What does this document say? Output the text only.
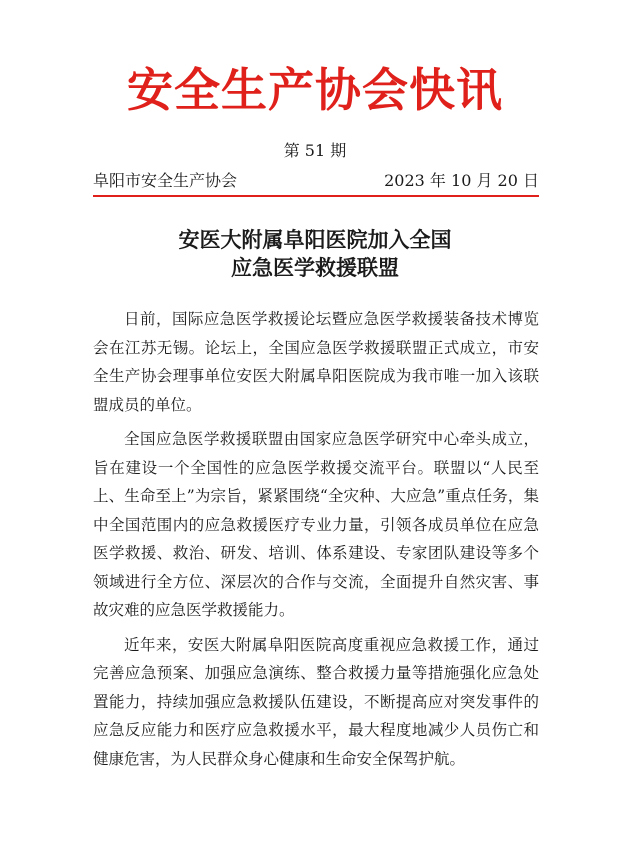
安全生产协会快讯
第 51 期
阜阳市安全生产协会	2023 年 10 月 20 日
安医大附属阜阳医院加入全国
应急医学救援联盟

日前，国际应急医学救援论坛暨应急医学救援装备技术博览会在江苏无锡。论坛上，全国应急医学救援联盟正式成立，市安全生产协会理事单位安医大附属阜阳医院成为我市唯一加入该联盟成员的单位。

全国应急医学救援联盟由国家应急医学研究中心牵头成立，旨在建设一个全国性的应急医学救援交流平台。联盟以“人民至上、生命至上”为宗旨，紧紧围绕“全灾种、大应急”重点任务，集中全国范围内的应急救援医疗专业力量，引领各成员单位在应急医学救援、救治、研发、培训、体系建设、专家团队建设等多个领域进行全方位、深层次的合作与交流，全面提升自然灾害、事故灾难的应急医学救援能力。

近年来，安医大附属阜阳医院高度重视应急救援工作，通过完善应急预案、加强应急演练、整合救援力量等措施强化应急处置能力，持续加强应急救援队伍建设，不断提高应对突发事件的应急反应能力和医疗应急救援水平，最大程度地减少人员伤亡和健康危害，为人民群众身心健康和生命安全保驾护航。
